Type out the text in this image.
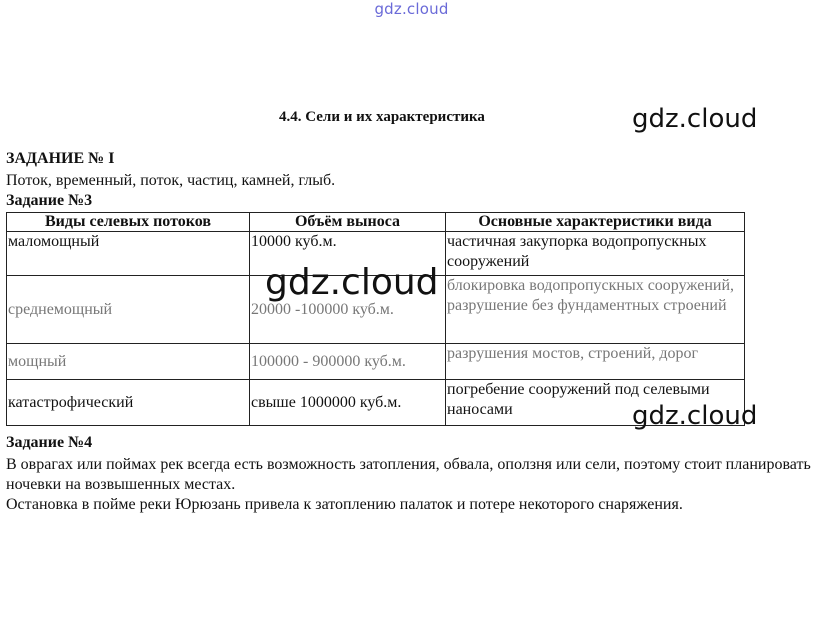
gdz.cloud
4.4. Сели и их характеристика
ЗАДАНИЕ № I
Поток, временный, поток, частиц, камней, глыб.
Задание №3
Виды селевых потоков	Объём выноса	Основные характеристики вида
маломощный	10000 куб.м.	частичная закупорка водопропускных сооружений
среднемощный	20000 -100000 куб.м.	блокировка водопропускных сооружений, разрушение без фундаментных строений
мощный	100000 - 900000 куб.м.	разрушения мостов, строений, дорог
катастрофический	свыше 1000000 куб.м.	погребение сооружений под селевыми наносами
Задание №4
В оврагах или поймах рек всегда есть возможность затопления, обвала, оползня или сели, поэтому стоит планировать ночевки на возвышенных местах.
Остановка в пойме реки Юрюзань привела к затоплению палаток и потере некоторого снаряжения.
gdz.cloud
gdz.cloud
gdz.cloud
